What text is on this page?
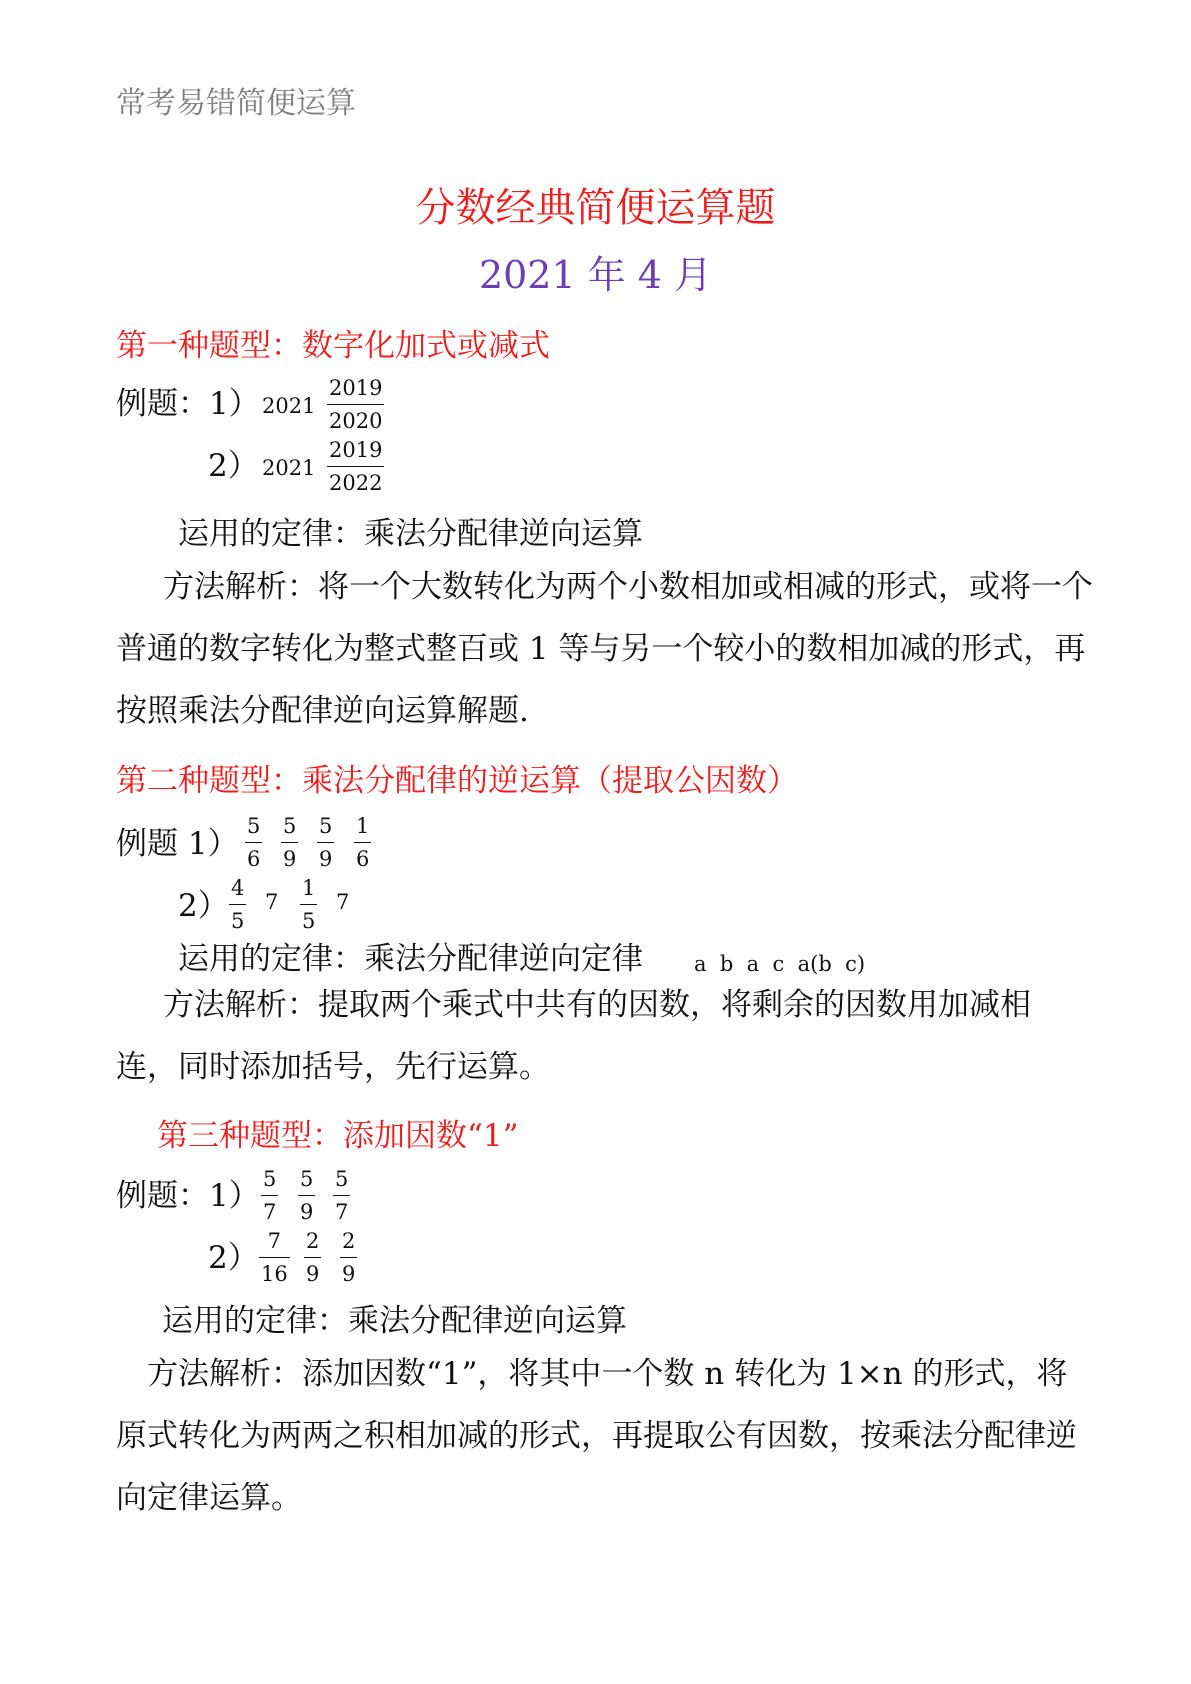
常考易错简便运算
分数经典简便运算题
2021 年 4 月
第一种题型：数字化加式或减式
例题：1） 2021
2019
2020
2） 2021
2019
2022
运用的定律：乘法分配律逆向运算
方法解析：将一个大数转化为两个小数相加或相减的形式，或将一个普通的数字转化为整式整百或 1 等与另一个较小的数相加减的形式，再按照乘法分配律逆向运算解题.
第二种题型：乘法分配律的逆运算（提取公因数）
例题 1） 5
6
5
9
5
9
1
6
2） 4
5
7
1
5
7
运用的定律：乘法分配律逆向定律 a  b  a  c  a(b  c)
方法解析：提取两个乘式中共有的因数，将剩余的因数用加减相连，同时添加括号，先行运算。
第三种题型：添加因数“1”
例题：1） 5
7
5
9
5
7
2） 7
16
2
9
2
9
运用的定律：乘法分配律逆向运算
方法解析：添加因数“1”，将其中一个数 n 转化为 1×n 的形式，将原式转化为两两之积相加减的形式，再提取公有因数，按乘法分配律逆向定律运算。
